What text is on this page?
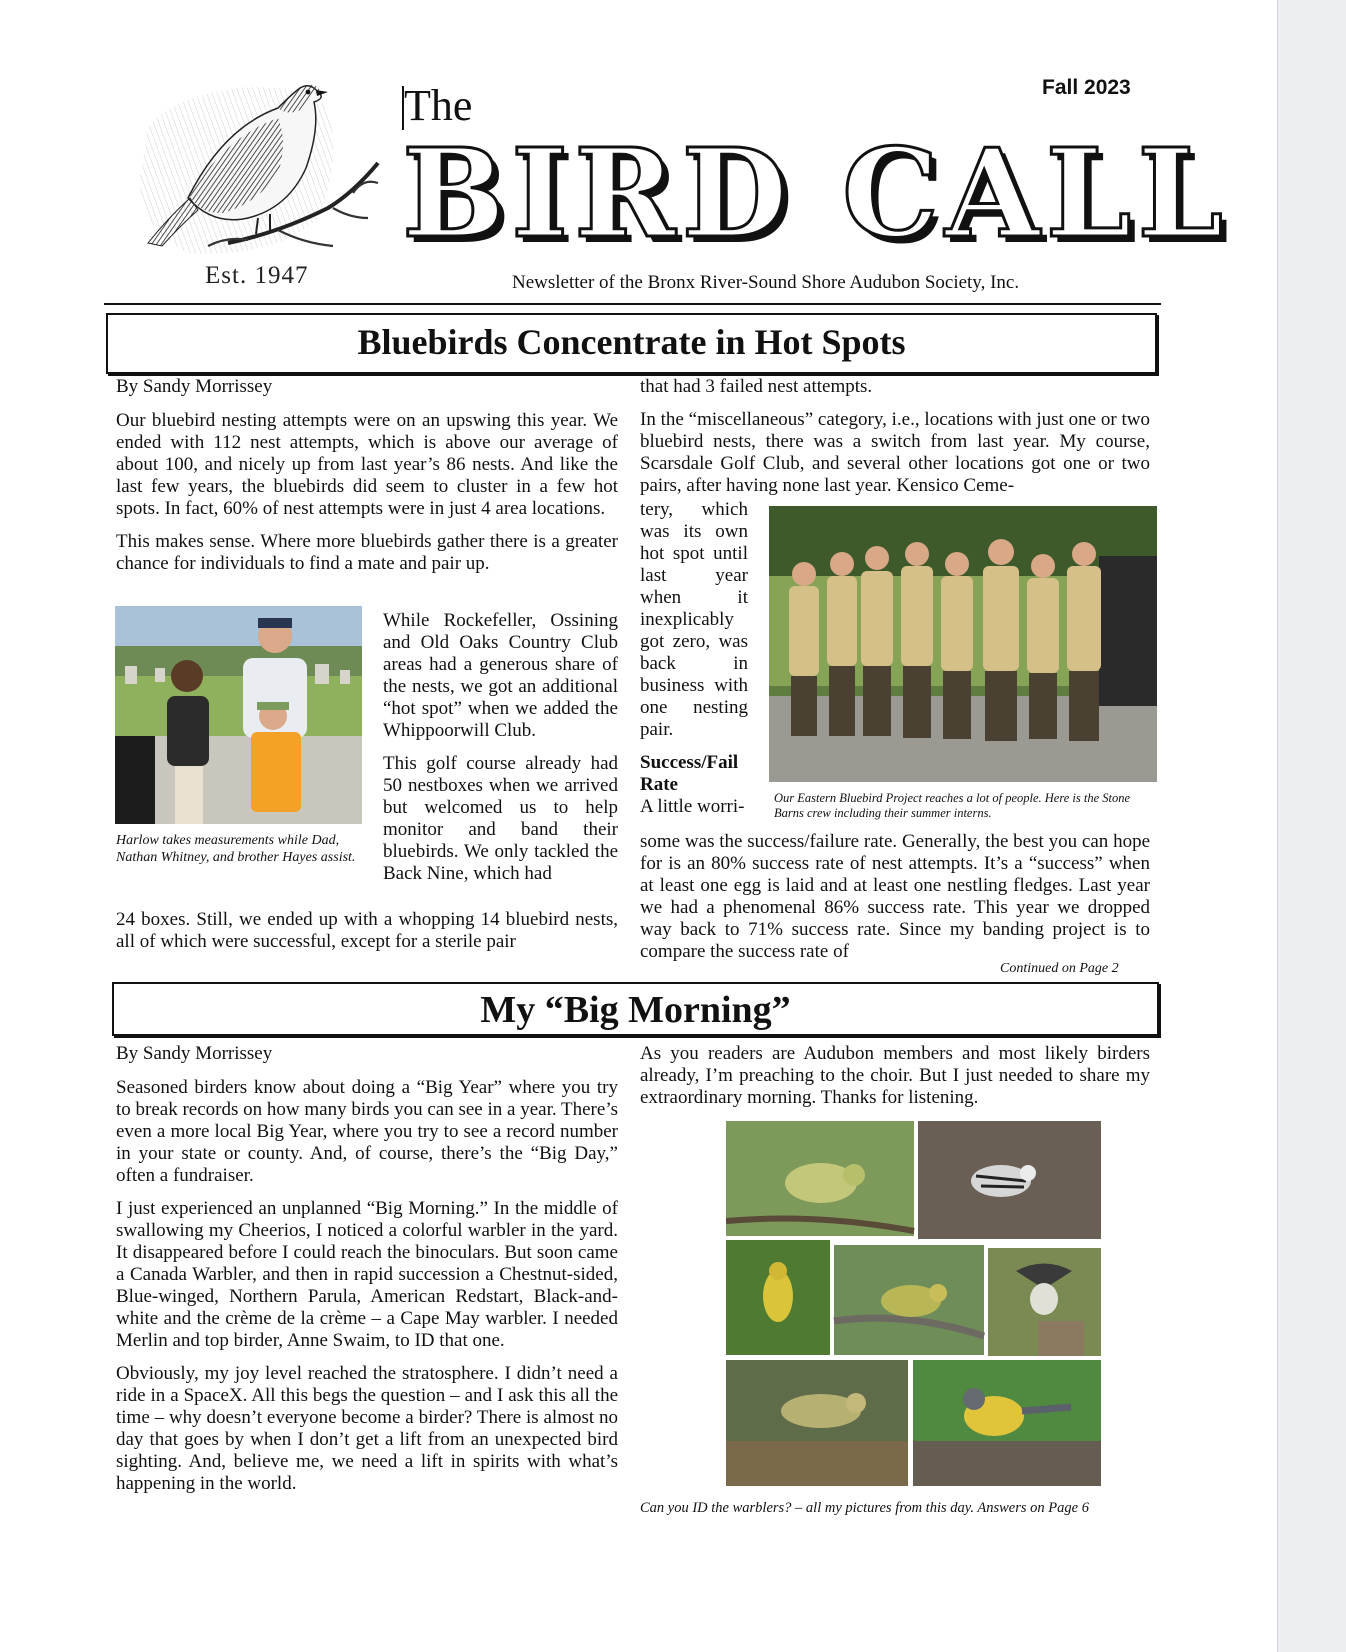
Est. 1947
The
BIRD CALL
Fall 2023
Newsletter of the Bronx River-Sound Shore Audubon Society, Inc.
Bluebirds Concentrate in Hot Spots
By Sandy Morrissey

Our bluebird nesting attempts were on an upswing this year. We ended with 112 nest attempts, which is above our average of about 100, and nicely up from last year’s 86 nests. And like the last few years, the bluebirds did seem to cluster in a few hot spots. In fact, 60% of nest attempts were in just 4 area locations.

This makes sense. Where more bluebirds gather there is a greater chance for individuals to find a mate and pair up.

Harlow takes measurements while Dad, Nathan Whitney, and brother Hayes assist.

While Rockefeller, Ossining and Old Oaks Country Club areas had a generous share of the nests, we got an additional “hot spot” when we added the Whippoorwill Club.

This golf course already had 50 nestboxes when we arrived but welcomed us to help monitor and band their bluebirds. We only tackled the Back Nine, which had

24 boxes. Still, we ended up with a whopping 14 bluebird nests, all of which were successful, except for a sterile pair

that had 3 failed nest attempts.

In the “miscellaneous” category, i.e., locations with just one or two bluebird nests, there was a switch from last year. My course, Scarsdale Golf Club, and several other locations got one or two pairs, after having none last year. Kensico Ceme-

tery, which was its own hot spot until last year when it inexplicably got zero, was back in business with one nesting pair.

Success/Fail Rate
A little worri- Our Eastern Bluebird Project reaches a lot of people. Here is the Stone Barns crew including their summer interns.

some was the success/failure rate. Generally, the best you can hope for is an 80% success rate of nest attempts. It’s a “success” when at least one egg is laid and at least one nestling fledges. Last year we had a phenomenal 86% success rate. This year we dropped way back to 71% success rate. Since my banding project is to compare the success rate of

Continued on Page 2
My “Big Morning”
By Sandy Morrissey

Seasoned birders know about doing a “Big Year” where you try to break records on how many birds you can see in a year. There’s even a more local Big Year, where you try to see a record number in your state or county. And, of course, there’s the “Big Day,” often a fundraiser.

I just experienced an unplanned “Big Morning.” In the middle of swallowing my Cheerios, I noticed a colorful warbler in the yard. It disappeared before I could reach the binoculars. But soon came a Canada Warbler, and then in rapid succession a Chestnut-sided, Blue-winged, Northern Parula, American Redstart, Black-and-white and the crème de la crème – a Cape May warbler. I needed Merlin and top birder, Anne Swaim, to ID that one.

Obviously, my joy level reached the stratosphere. I didn’t need a ride in a SpaceX. All this begs the question – and I ask this all the time – why doesn’t everyone become a birder? There is almost no day that goes by when I don’t get a lift from an unexpected bird sighting. And, believe me, we need a lift in spirits with what’s happening in the world.

As you readers are Audubon members and most likely birders already, I’m preaching to the choir. But I just needed to share my extraordinary morning. Thanks for listening.

Can you ID the warblers? – all my pictures from this day. Answers on Page 6
